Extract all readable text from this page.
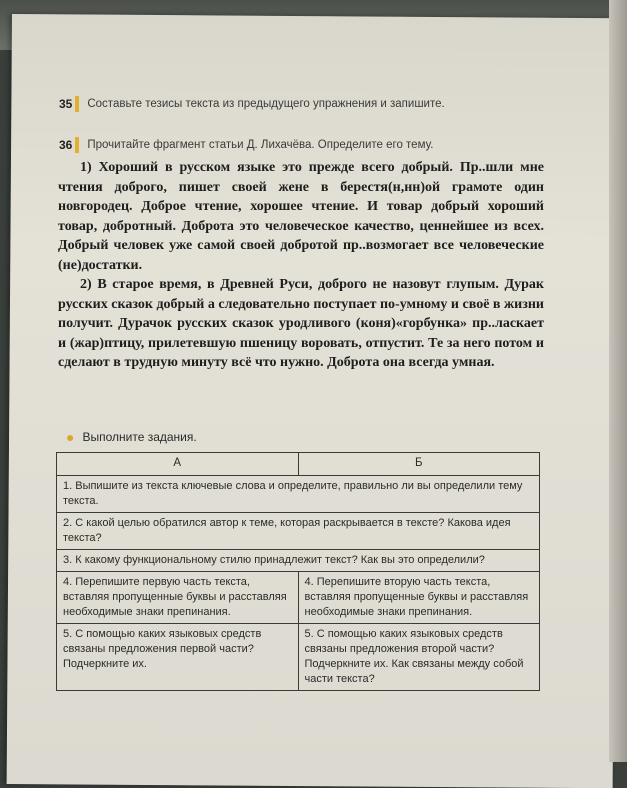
35	Составьте тезисы текста из предыдущего упражнения и запишите.
36	Прочитайте фрагмент статьи Д. Лихачёва. Определите его тему.

1) Хороший в русском языке это прежде всего добрый. Пр..шли мне чтения доброго, пишет своей жене в берестя(н,нн)ой грамоте один новгородец. Доброе чтение, хорошее чтение. И товар добрый хороший товар, добротный. Доброта это человеческое качество, ценнейшее из всех. Добрый человек уже самой своей добротой пр..возмогает все человеческие (не)достатки.

2) В старое время, в Древней Руси, доброго не назовут глупым. Дурак русских сказок добрый а следовательно поступает по-умному и своё в жизни получит. Дурачок русских сказок уродливого (коня)«горбунка» пр..ласкает и (жар)птицу, прилетевшую пшеницу воровать, отпустит. Те за него потом и сделают в трудную минуту всё что нужно. Доброта она всегда умная.

● Выполните задания.
А	Б
1. Выпишите из текста ключевые слова и определите, правильно ли вы определили тему текста.	
2. С какой целью обратился автор к теме, которая раскрывается в тексте? Какова идея текста?	
3. К какому функциональному стилю принадлежит текст? Как вы это определили?	
4. Перепишите первую часть текста, вставляя пропущенные буквы и расставляя необходимые знаки препинания.	4. Перепишите вторую часть текста, вставляя пропущенные буквы и расставляя необходимые знаки препинания.
5. С помощью каких языковых средств связаны предложения первой части? Подчеркните их.	5. С помощью каких языковых средств связаны предложения второй части? Подчеркните их. Как связаны между собой части текста?
